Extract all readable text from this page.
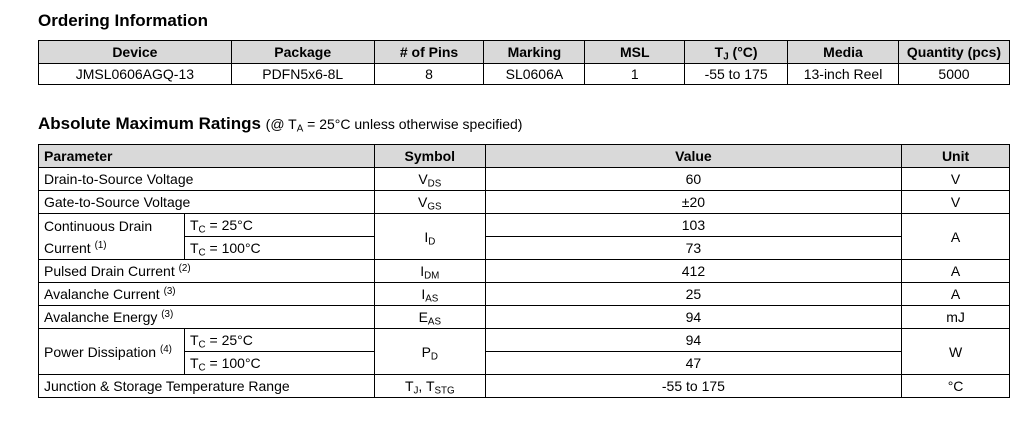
Ordering Information
Device	Package	# of Pins	Marking	MSL	$T_J$ (°C)	Media	Quantity (pcs)
JMSL0606AGQ-13	PDFN5x6-8L	8	SL0606A	1	-55 to 175	13-inch Reel	5000
Absolute Maximum Ratings (@ $T_A = 25^\circ C$ unless otherwise specified)
Parameter		Symbol	Value	Unit
Drain-to-Source Voltage		$V_{DS}$	60	V
Gate-to-Source Voltage		$V_{GS}$	±20	V
Continuous Drain
Current $^{(1)}$	$T_C = 25^\circ C$	$I_D$	103	A
	$T_C = 100^\circ C$		73	
Pulsed Drain Current $^{(2)}$		$I_{DM}$	412	A
Avalanche Current $^{(3)}$		$I_{AS}$	25	A
Avalanche Energy $^{(3)}$		$E_{AS}$	94	mJ
Power Dissipation $^{(4)}$	$T_C = 25^\circ C$	$P_D$	94	W
	$T_C = 100^\circ C$		47	
Junction & Storage Temperature Range		$T_J$, $T_{STG}$	-55 to 175	°C
